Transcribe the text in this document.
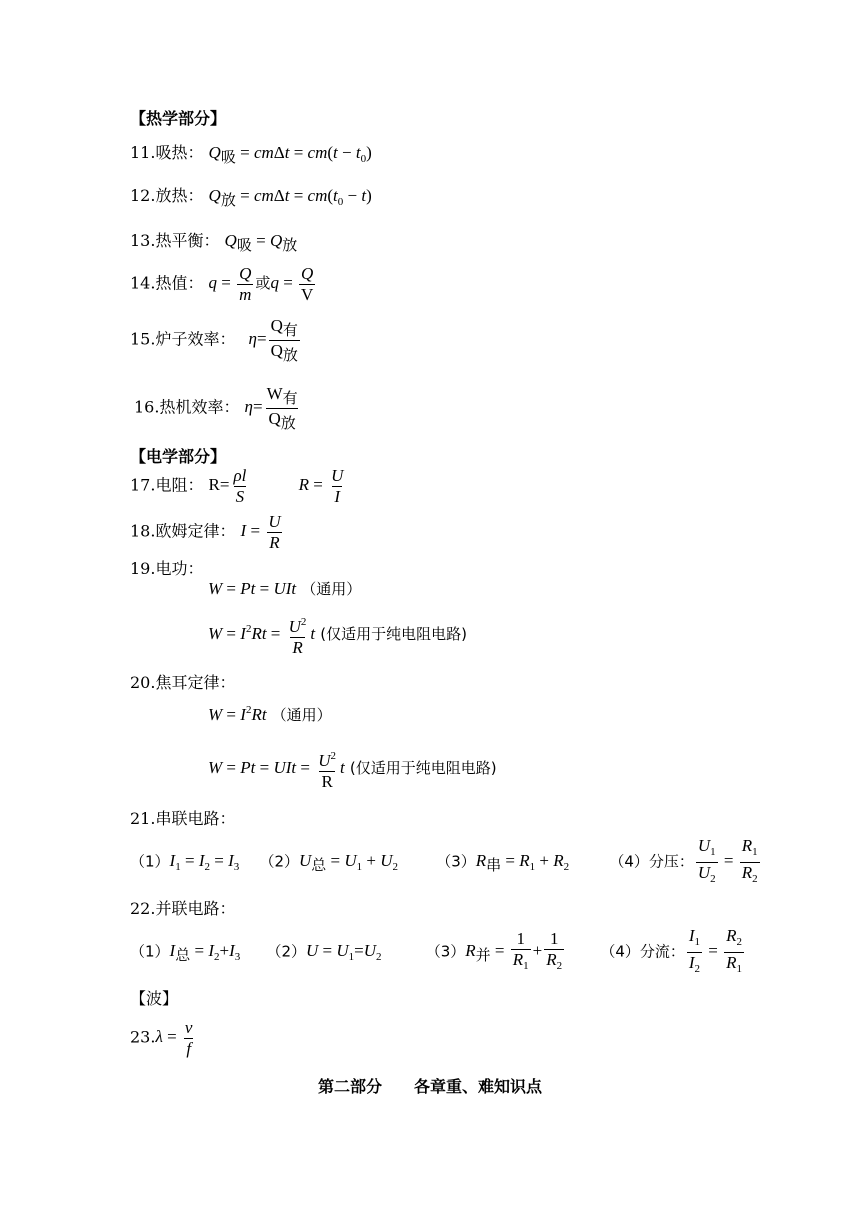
【热学部分】
11.吸热： Q吸 = $cm\Delta t = cm(t - t_0)$
12.放热： Q放 = $cm\Delta t = cm(t_0 - t)$
13.热平衡： Q吸 = Q放
14.热值： $q = \frac{Q}{m}$ 或$q = \frac{Q}{V}$
15.炉子效率： $\eta= \frac{\text{Q有}}{\text{Q放}}$
16.热机效率： $\eta= \frac{\text{W有}}{\text{Q放}}$
【电学部分】
17.电阻： $R= \frac{\rho l}{S}$	$R = \frac{U}{I}$
18.欧姆定律： $I = \frac{U}{R}$
19.电功：
W = Pt = UIt （通用）
$W = I^2Rt = \frac{U^2}{R}$ t (仅适用于纯电阻电路)
20.焦耳定律：
$W = I^2Rt$ （通用）
W = Pt = UIt = $\frac{U^2}{R}$ t (仅适用于纯电阻电路)
21.串联电路：
$(1)I_1 = I_2 = I_3$ （2）U总 = $U_1 + U_2$	（3）R串 = $R_1 + R_2$	（4）分压： $\frac{U_1}{U_2} = \frac{R_1}{R_2}$
22.并联电路：
（1）I总 = $I_2+I_3$ $(2)U = U_1=U_2$	（3）R并 = $\frac{1}{R_1} + \frac{1}{R_2} (4)$分流： $\frac{I_1}{I_2} = \frac{R_2}{R_1}$
【波】
$23.\lambda = \frac{v}{f}$
第二部分　　各章重、难知识点
